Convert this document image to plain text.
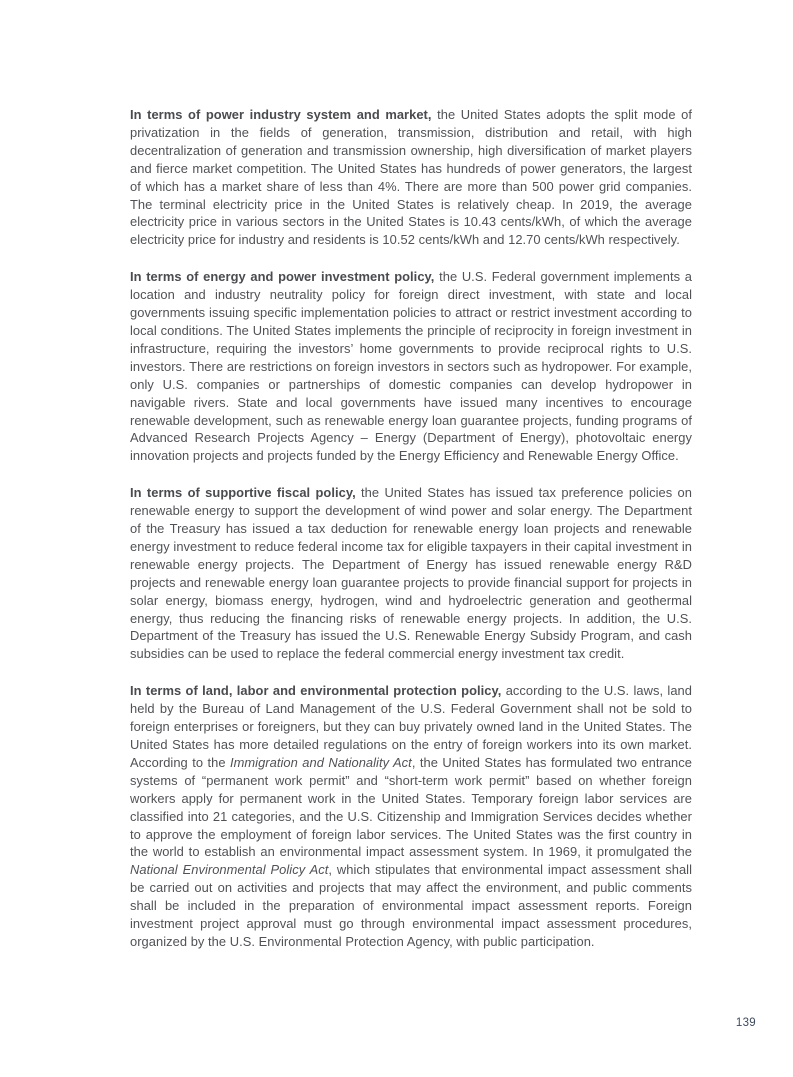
In terms of power industry system and market, the United States adopts the split mode of privatization in the fields of generation, transmission, distribution and retail, with high decentralization of generation and transmission ownership, high diversification of market players and fierce market competition. The United States has hundreds of power generators, the largest of which has a market share of less than 4%. There are more than 500 power grid companies. The terminal electricity price in the United States is relatively cheap. In 2019, the average electricity price in various sectors in the United States is 10.43 cents/kWh, of which the average electricity price for industry and residents is 10.52 cents/kWh and 12.70 cents/kWh respectively.

In terms of energy and power investment policy, the U.S. Federal government implements a location and industry neutrality policy for foreign direct investment, with state and local governments issuing specific implementation policies to attract or restrict investment according to local conditions. The United States implements the principle of reciprocity in foreign investment in infrastructure, requiring the investors’ home governments to provide reciprocal rights to U.S. investors. There are restrictions on foreign investors in sectors such as hydropower. For example, only U.S. companies or partnerships of domestic companies can develop hydropower in navigable rivers. State and local governments have issued many incentives to encourage renewable development, such as renewable energy loan guarantee projects, funding programs of Advanced Research Projects Agency – Energy (Department of Energy), photovoltaic energy innovation projects and projects funded by the Energy Efficiency and Renewable Energy Office.

In terms of supportive fiscal policy, the United States has issued tax preference policies on renewable energy to support the development of wind power and solar energy. The Department of the Treasury has issued a tax deduction for renewable energy loan projects and renewable energy investment to reduce federal income tax for eligible taxpayers in their capital investment in renewable energy projects. The Department of Energy has issued renewable energy R&D projects and renewable energy loan guarantee projects to provide financial support for projects in solar energy, biomass energy, hydrogen, wind and hydroelectric generation and geothermal energy, thus reducing the financing risks of renewable energy projects. In addition, the U.S. Department of the Treasury has issued the U.S. Renewable Energy Subsidy Program, and cash subsidies can be used to replace the federal commercial energy investment tax credit.

In terms of land, labor and environmental protection policy, according to the U.S. laws, land held by the Bureau of Land Management of the U.S. Federal Government shall not be sold to foreign enterprises or foreigners, but they can buy privately owned land in the United States. The United States has more detailed regulations on the entry of foreign workers into its own market. According to the Immigration and Nationality Act, the United States has formulated two entrance systems of “permanent work permit” and “short-term work permit” based on whether foreign workers apply for permanent work in the United States. Temporary foreign labor services are classified into 21 categories, and the U.S. Citizenship and Immigration Services decides whether to approve the employment of foreign labor services. The United States was the first country in the world to establish an environmental impact assessment system. In 1969, it promulgated the National Environmental Policy Act, which stipulates that environmental impact assessment shall be carried out on activities and projects that may affect the environment, and public comments shall be included in the preparation of environmental impact assessment reports. Foreign investment project approval must go through environmental impact assessment procedures, organized by the U.S. Environmental Protection Agency, with public participation.

139
